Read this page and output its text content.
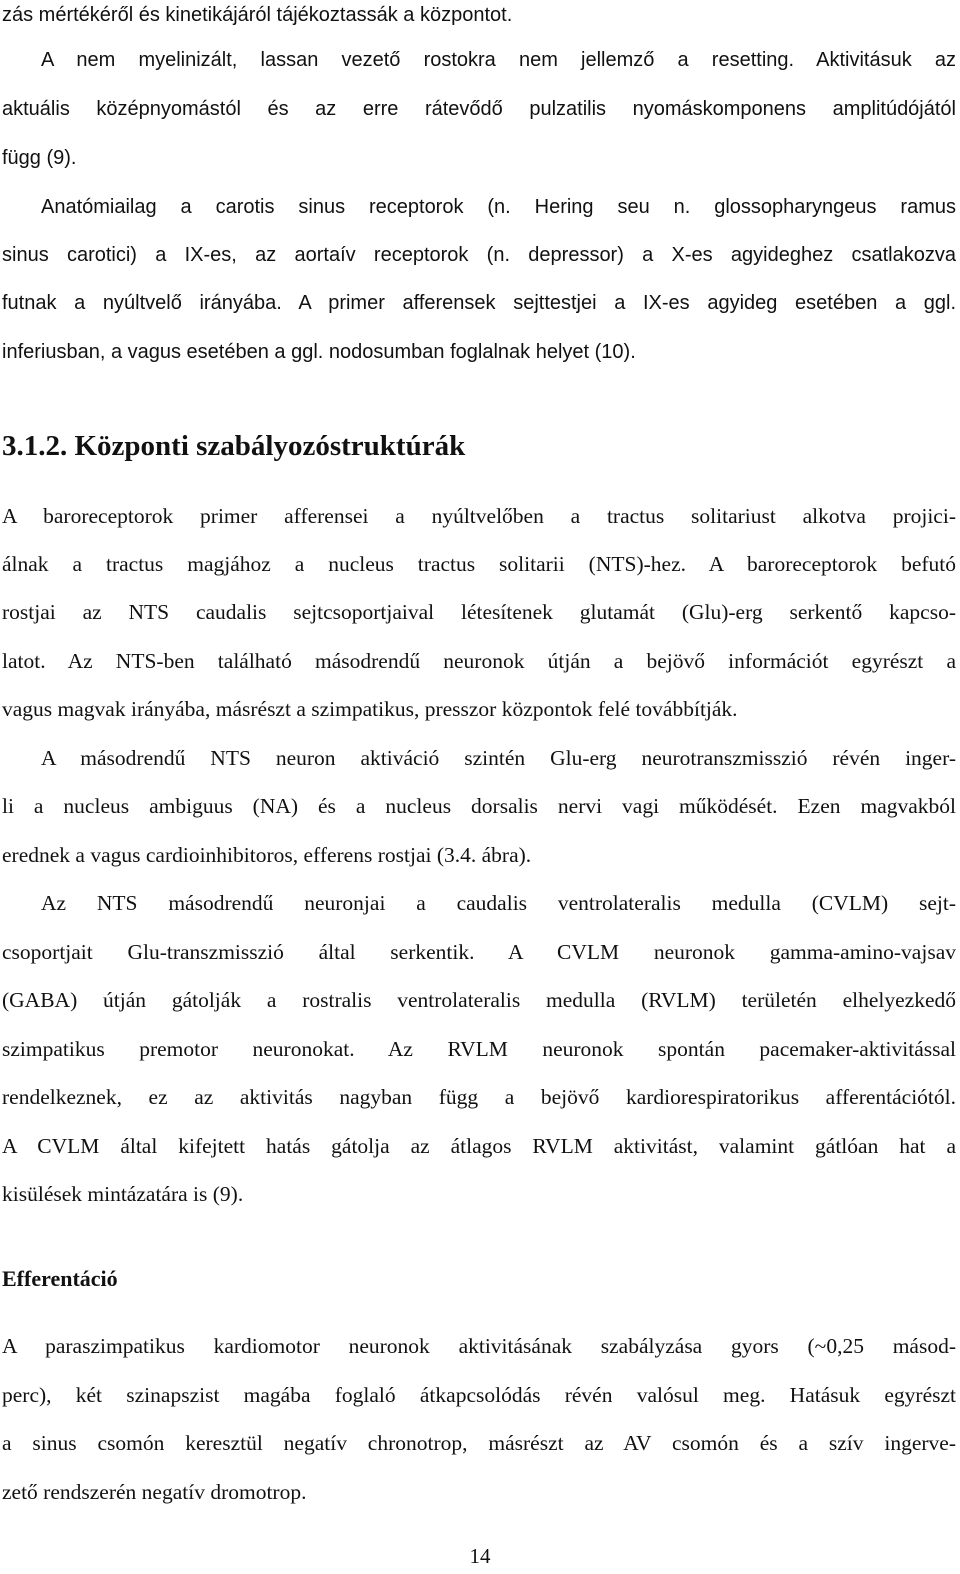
zás mértékéről és kinetikájáról tájékoztassák a központot.

A nem myelinizált, lassan vezető rostokra nem jellemző a resetting. Aktivitásuk az

aktuális középnyomástól és az erre rátevődő pulzatilis nyomáskomponens amplitúdójától

függ (9).

Anatómiailag a carotis sinus receptorok (n. Hering seu n. glossopharyngeus ramus

sinus carotici) a IX-es, az aortaív receptorok (n. depressor) a X-es agyideghez csatlakozva

futnak a nyúltvelő irányába. A primer afferensek sejttestjei a IX-es agyideg esetében a ggl.

inferiusban, a vagus esetében a ggl. nodosumban foglalnak helyet (10).

3.1.2. Központi szabályozóstruktúrák

A baroreceptorok primer afferensei a nyúltvelőben a tractus solitariust alkotva projici-

álnak a tractus magjához a nucleus tractus solitarii (NTS)-hez. A baroreceptorok befutó

rostjai az NTS caudalis sejtcsoportjaival létesítenek glutamát (Glu)-erg serkentő kapcso-

latot. Az NTS-ben található másodrendű neuronok útján a bejövő információt egyrészt a

vagus magvak irányába, másrészt a szimpatikus, presszor központok felé továbbítják.

A másodrendű NTS neuron aktiváció szintén Glu-erg neurotranszmisszió révén inger-

li a nucleus ambiguus (NA) és a nucleus dorsalis nervi vagi működését. Ezen magvakból

erednek a vagus cardioinhibitoros, efferens rostjai (3.4. ábra).

Az NTS másodrendű neuronjai a caudalis ventrolateralis medulla (CVLM) sejt-

csoportjait Glu-transzmisszió által serkentik. A CVLM neuronok gamma-amino-vajsav

(GABA) útján gátolják a rostralis ventrolateralis medulla (RVLM) területén elhelyezkedő

szimpatikus premotor neuronokat. Az RVLM neuronok spontán pacemaker-aktivitással

rendelkeznek, ez az aktivitás nagyban függ a bejövő kardiorespiratorikus afferentációtól.

A CVLM által kifejtett hatás gátolja az átlagos RVLM aktivitást, valamint gátlóan hat a

kisülések mintázatára is (9).

Efferentáció

A paraszimpatikus kardiomotor neuronok aktivitásának szabályzása gyors (~0,25 másod-

perc), két szinapszist magába foglaló átkapcsolódás révén valósul meg. Hatásuk egyrészt

a sinus csomón keresztül negatív chronotrop, másrészt az AV csomón és a szív ingerve-

zető rendszerén negatív dromotrop.

14
